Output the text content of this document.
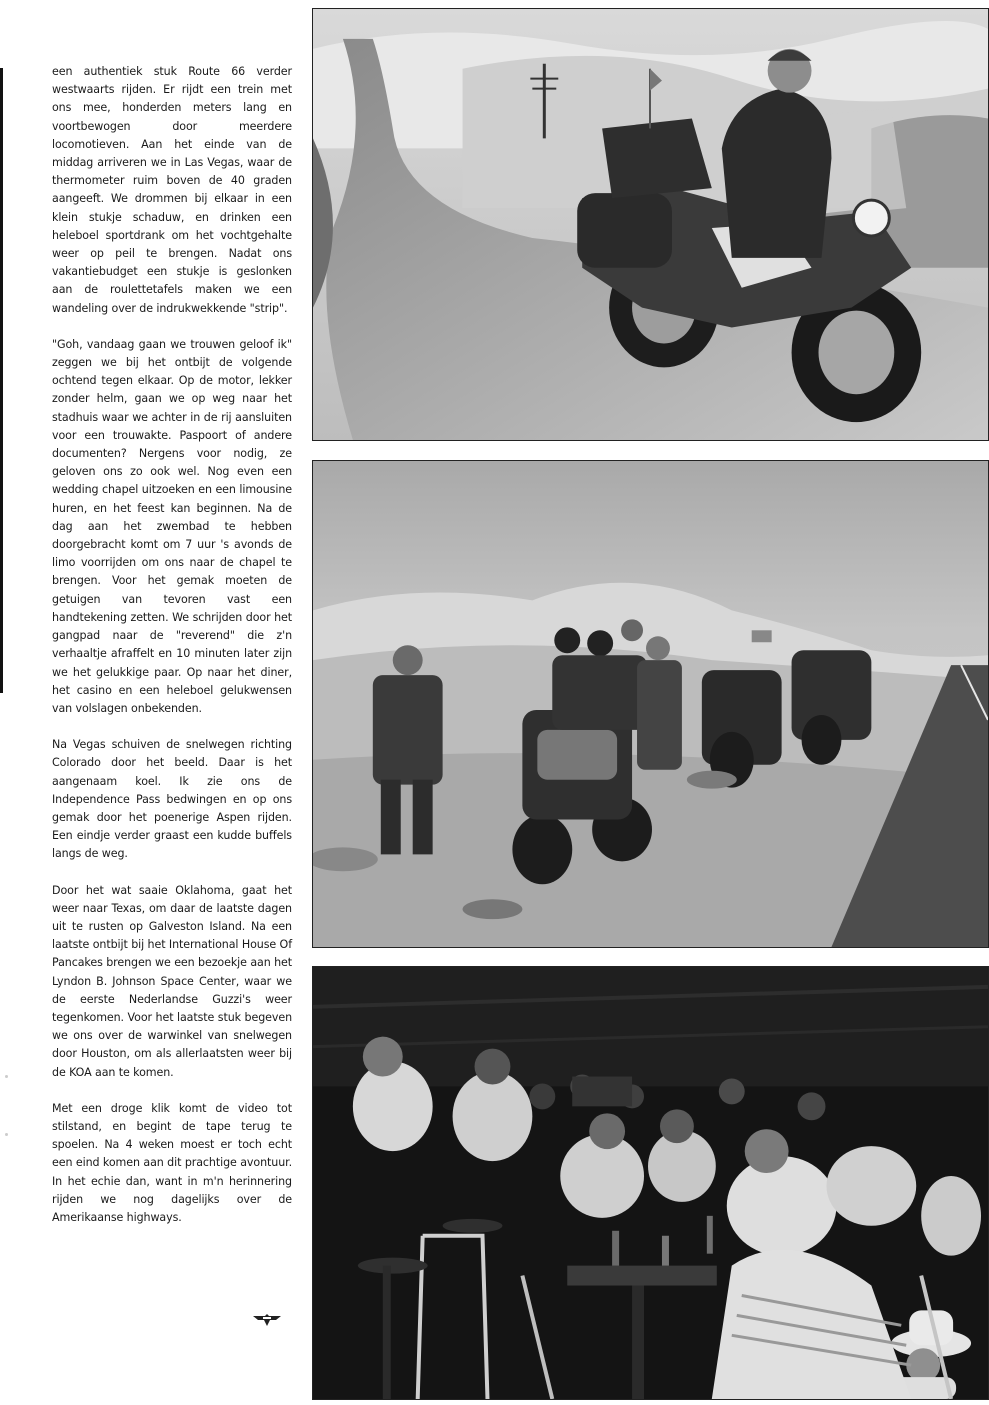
een authentiek stuk Route 66 verder westwaarts rijden. Er rijdt een trein met ons mee, honderden meters lang en voortbewogen door meerdere locomotieven. Aan het einde van de middag arriveren we in Las Vegas, waar de thermometer ruim boven de 40 graden aangeeft. We drommen bij elkaar in een klein stukje schaduw, en drinken een heleboel sportdrank om het vochtgehalte weer op peil te brengen. Nadat ons vakantiebudget een stukje is geslonken aan de roulettetafels maken we een wandeling over de indrukwekkende "strip".

"Goh, vandaag gaan we trouwen geloof ik" zeggen we bij het ontbijt de volgende ochtend tegen elkaar. Op de motor, lekker zonder helm, gaan we op weg naar het stadhuis waar we achter in de rij aansluiten voor een trouwakte. Paspoort of andere documenten? Nergens voor nodig, ze geloven ons zo ook wel. Nog even een wedding chapel uitzoeken en een limousine huren, en het feest kan beginnen. Na de dag aan het zwembad te hebben doorgebracht komt om 7 uur 's avonds de limo voorrijden om ons naar de chapel te brengen. Voor het gemak moeten de getuigen van tevoren vast een handtekening zetten. We schrijden door het gangpad naar de "reverend" die z'n verhaaltje afraffelt en 10 minuten later zijn we het gelukkige paar. Op naar het diner, het casino en een heleboel gelukwensen van volslagen onbekenden.

Na Vegas schuiven de snelwegen richting Colorado door het beeld. Daar is het aangenaam koel. Ik zie ons de Independence Pass bedwingen en op ons gemak door het poenerige Aspen rijden. Een eindje verder graast een kudde buffels langs de weg.

Door het wat saaie Oklahoma, gaat het weer naar Texas, om daar de laatste dagen uit te rusten op Galveston Island. Na een laatste ontbijt bij het International House Of Pancakes brengen we een bezoekje aan het Lyndon B. Johnson Space Center, waar we de eerste Nederlandse Guzzi's weer tegenkomen. Voor het laatste stuk begeven we ons over de warwinkel van snelwegen door Houston, om als allerlaatsten weer bij de KOA aan te komen.

Met een droge klik komt de video tot stilstand, en begint de tape terug te spoelen. Na 4 weken moest er toch echt een eind komen aan dit prachtige avontuur. In het echie dan, want in m'n herinnering rijden we nog dagelijks over de Amerikaanse highways.
